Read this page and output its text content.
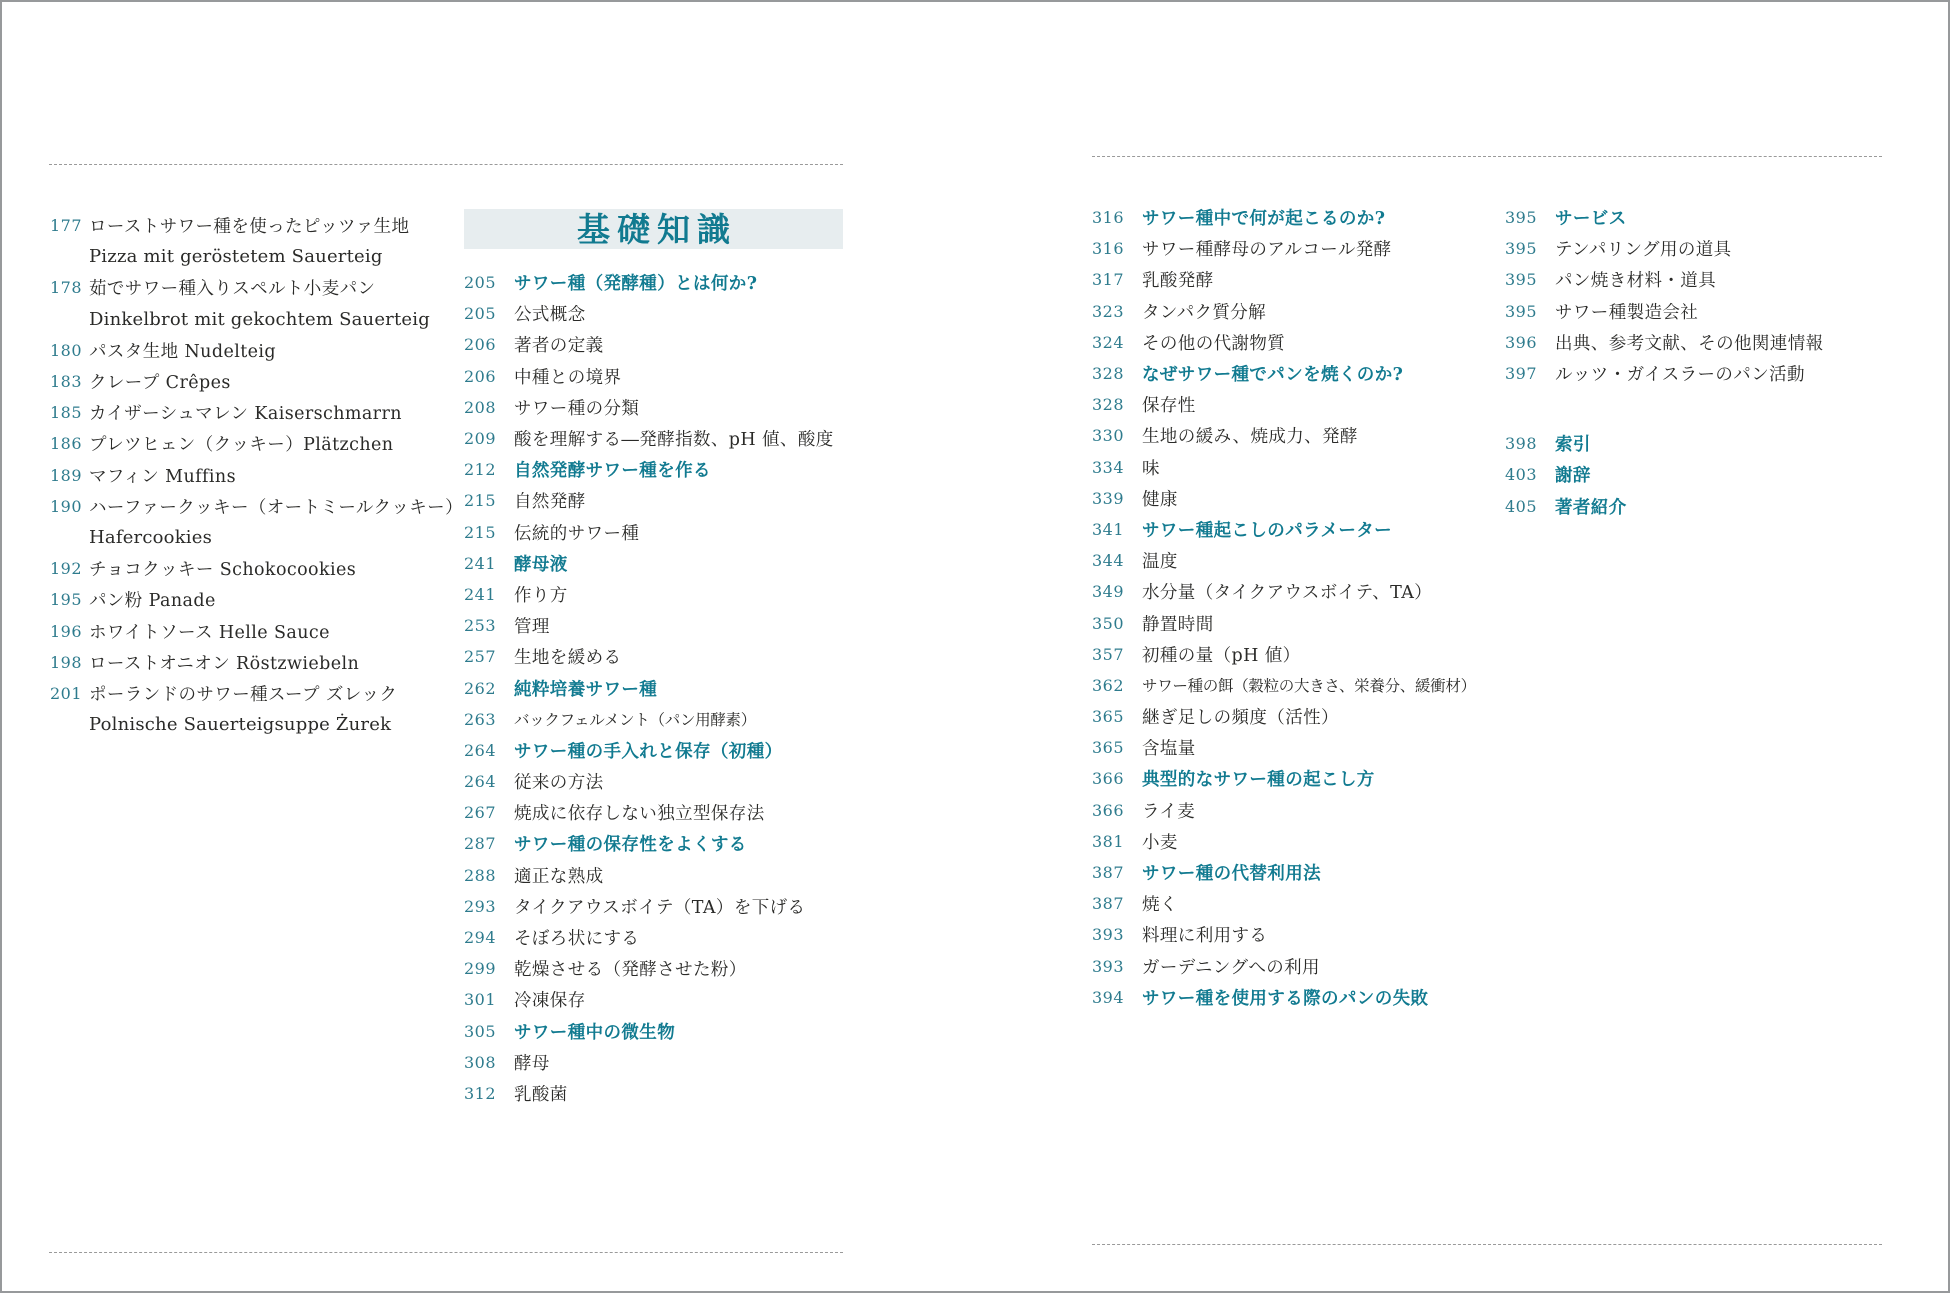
177 ローストサワー種を使ったピッツァ生地
Pizza mit geröstetem Sauerteig
178 茹でサワー種入りスペルト小麦パン
Dinkelbrot mit gekochtem Sauerteig
180 パスタ生地 Nudelteig
183 クレープ Crêpes
185 カイザーシュマレン Kaiserschmarrn
186 プレツヒェン（クッキー）Plätzchen
189 マフィン Muffins
190 ハーファークッキー（オートミールクッキー）
Hafercookies
192 チョコクッキー Schokocookies
195 パン粉 Panade
196 ホワイトソース Helle Sauce
198 ローストオニオン Röstzwiebeln
201 ポーランドのサワー種スープ ズレック
Polnische Sauerteigsuppe Żurek
基礎知識
205	サワー種（発酵種）とは何か?
205	公式概念
206	著者の定義
206	中種との境界
208	サワー種の分類
209	酸を理解する―発酵指数、pH 値、酸度
212	自然発酵サワー種を作る
215	自然発酵
215	伝統的サワー種
241	酵母液
241	作り方
253	管理
257	生地を緩める
262	純粋培養サワー種
263	バックフェルメント（パン用酵素）
264	サワー種の手入れと保存（初種）
264	従来の方法
267	焼成に依存しない独立型保存法
287	サワー種の保存性をよくする
288	適正な熟成
293	タイクアウスボイテ（TA）を下げる
294	そぼろ状にする
299	乾燥させる（発酵させた粉）
301	冷凍保存
305	サワー種中の微生物
308	酵母
312	乳酸菌
316	サワー種中で何が起こるのか?
316	サワー種酵母のアルコール発酵
317	乳酸発酵
323	タンパク質分解
324	その他の代謝物質
328	なぜサワー種でパンを焼くのか?
328	保存性
330	生地の緩み、焼成力、発酵
334	味
339	健康
341	サワー種起こしのパラメーター
344	温度
349	水分量（タイクアウスボイテ、TA）
350	静置時間
357	初種の量（pH 値）
362	サワー種の餌（穀粒の大きさ、栄養分、緩衝材）
365	継ぎ足しの頻度（活性）
365	含塩量
366	典型的なサワー種の起こし方
366	ライ麦
381	小麦
387	サワー種の代替利用法
387	焼く
393	料理に利用する
393	ガーデニングへの利用
394	サワー種を使用する際のパンの失敗
395	サービス
395	テンパリング用の道具
395	パン焼き材料・道具
395	サワー種製造会社
396	出典、参考文献、その他関連情報
397	ルッツ・ガイスラーのパン活動
398	索引
403	謝辞
405	著者紹介
